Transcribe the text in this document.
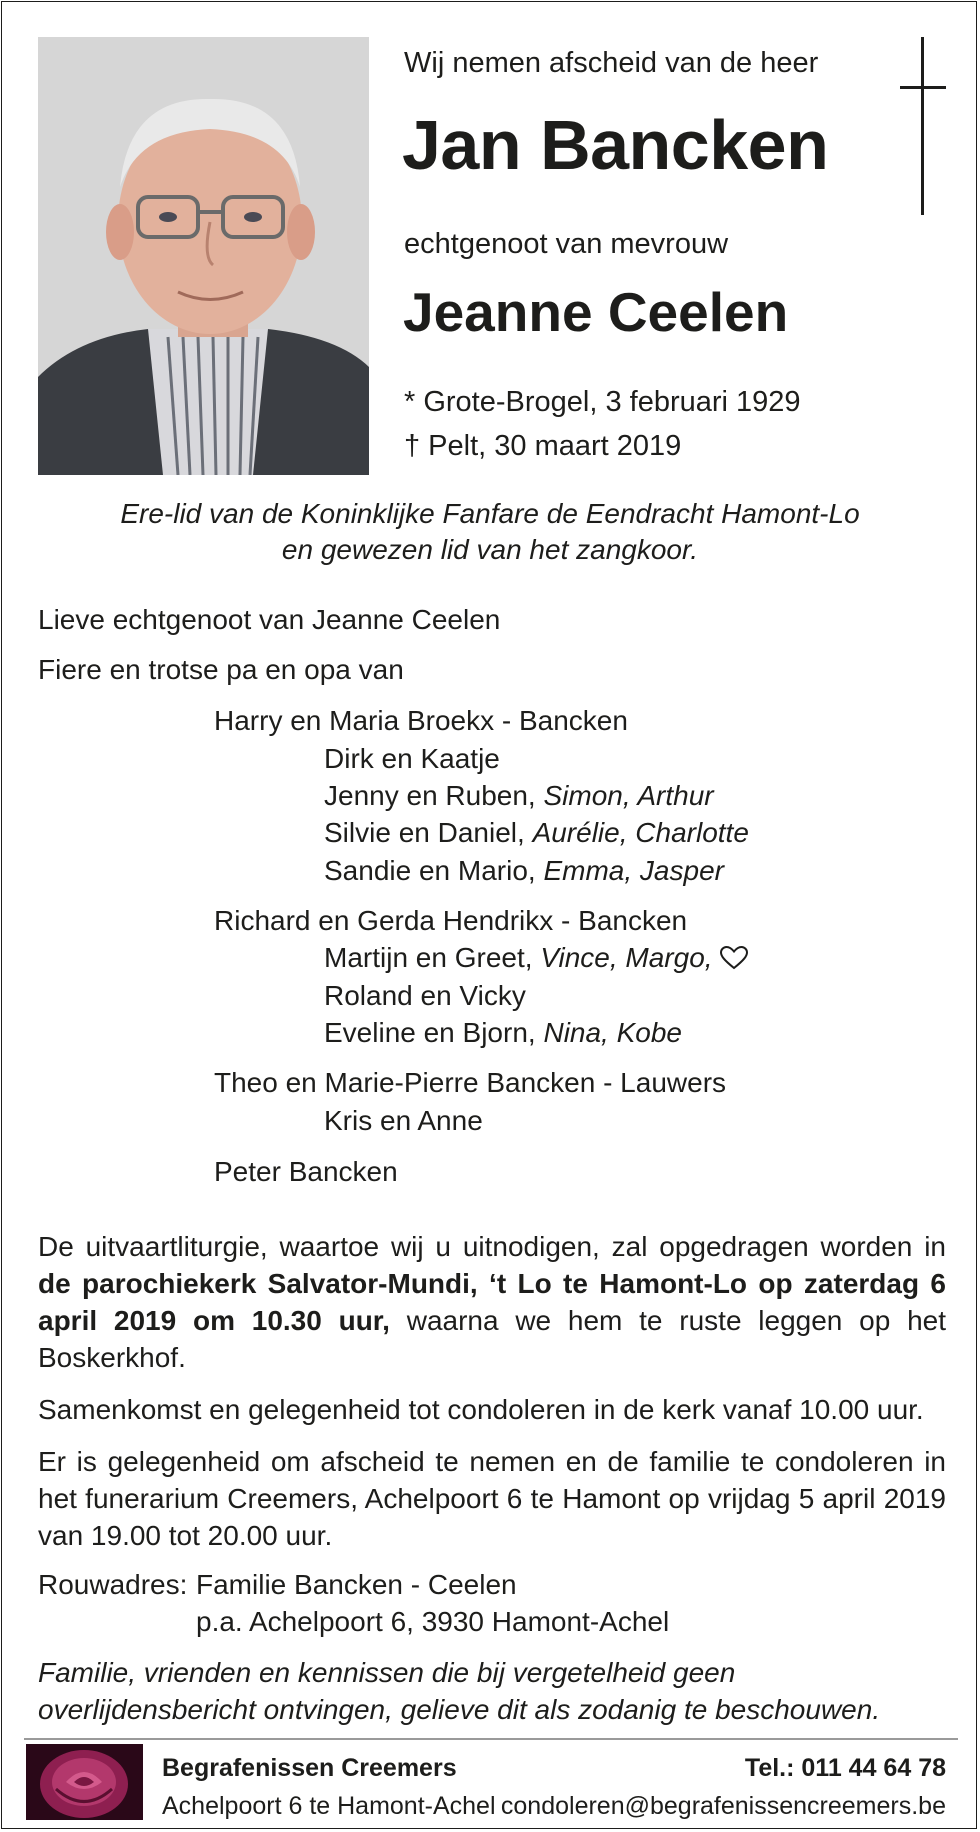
Wij nemen afscheid van de heer
Jan Bancken
echtgenoot van mevrouw
Jeanne Ceelen
* Grote-Brogel, 3 februari 1929
† Pelt, 30 maart 2019
Ere-lid van de Koninklijke Fanfare de Eendracht Hamont-Lo
en gewezen lid van het zangkoor.
Lieve echtgenoot van Jeanne Ceelen
Fiere en trotse pa en opa van
Harry en Maria Broekx - Bancken
Dirk en Kaatje
Jenny en Ruben, Simon, Arthur
Silvie en Daniel, Aurélie, Charlotte
Sandie en Mario, Emma, Jasper
Richard en Gerda Hendrikx - Bancken
Martijn en Greet, Vince, Margo,
Roland en Vicky
Eveline en Bjorn, Nina, Kobe
Theo en Marie-Pierre Bancken - Lauwers
Kris en Anne
Peter Bancken
De uitvaartliturgie, waartoe wij u uitnodigen, zal opgedragen worden in de parochiekerk Salvator-Mundi, ‘t Lo te Hamont-Lo op zaterdag 6 april 2019 om 10.30 uur, waarna we hem te ruste leggen op het Boskerkhof.
Samenkomst en gelegenheid tot condoleren in de kerk vanaf 10.00 uur.
Er is gelegenheid om afscheid te nemen en de familie te condoleren in het funerarium Creemers, Achelpoort 6 te Hamont op vrijdag 5 april 2019 van 19.00 tot 20.00 uur.
Rouwadres: Familie Bancken - Ceelen
p.a. Achelpoort 6, 3930 Hamont-Achel
Familie, vrienden en kennissen die bij vergetelheid geen overlijdensbericht ontvingen, gelieve dit als zodanig te beschouwen.
Begrafenissen Creemers
Achelpoort 6 te Hamont-Achel
Tel.: 011 44 64 78
condoleren@begrafenissencreemers.be
